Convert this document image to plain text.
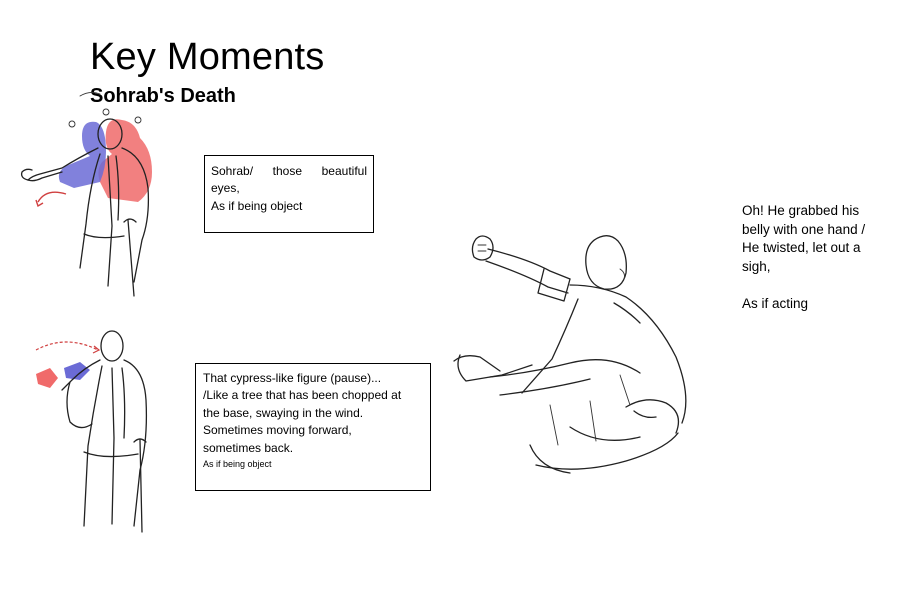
Key Moments
Sohrab's Death
Sohrab/ those beautiful
eyes,
As if being object
That cypress-like figure (pause)...
/Like a tree that has been chopped at
the base, swaying in the wind.
Sometimes moving forward,
sometimes back.
As if being object
Oh! He grabbed his
belly with one hand /
He twisted, let out a
sigh,
As if acting
